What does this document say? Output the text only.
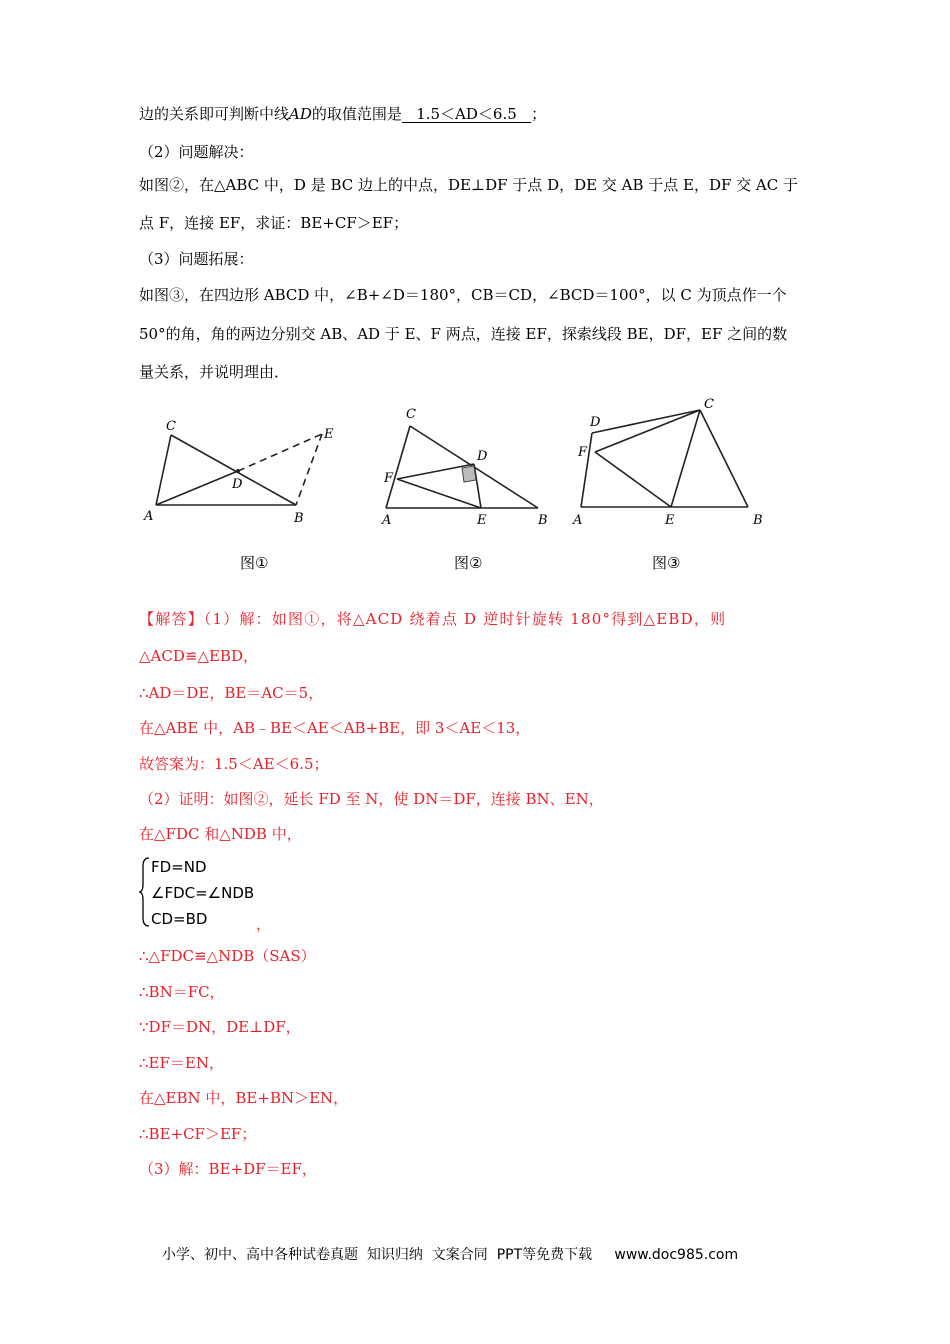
边的关系即可判断中线AD的取值范围是   1.5＜AD＜6.5   ；
（2）问题解决：
如图②，在△ABC 中，D 是 BC 边上的中点，DE⊥DF 于点 D，DE 交 AB 于点 E，DF 交 AC 于
点 F，连接 EF，求证：BE+CF＞EF；
（3）问题拓展：
如图③，在四边形 ABCD 中，∠B+∠D＝180°，CB＝CD，∠BCD＝100°，以 C 为顶点作一个
50°的角，角的两边分别交 AB、AD 于 E、F 两点，连接 EF，探索线段 BE，DF，EF 之间的数
量关系，并说明理由．
C
D
E
A	B
图①
C
D
F
A	E	B
图②
D
C
F
A	E	B
图③
【解答】（1）解：如图①，将△ACD 绕着点 D 逆时针旋转 180°得到△EBD，则
△ACD≌△EBD，
∴AD＝DE，BE＝AC＝5，
在△ABE 中，AB﹣BE＜AE＜AB+BE，即 3＜AE＜13，
故答案为：1.5＜AE＜6.5；
（2）证明：如图②，延长 FD 至 N，使 DN＝DF，连接 BN、EN，
在△FDC 和△NDB 中，
FD=ND
∠FDC=∠NDB
CD=BD	，
∴△FDC≌△NDB（SAS）
∴BN＝FC，
∵DF＝DN，DE⊥DF，
∴EF＝EN，
在△EBN 中，BE+BN＞EN，
∴BE+CF＞EF；
（3）解：BE+DF＝EF，
小学、初中、高中各种试卷真题  知识归纳  文案合同  PPT等免费下载     www.doc985.com
